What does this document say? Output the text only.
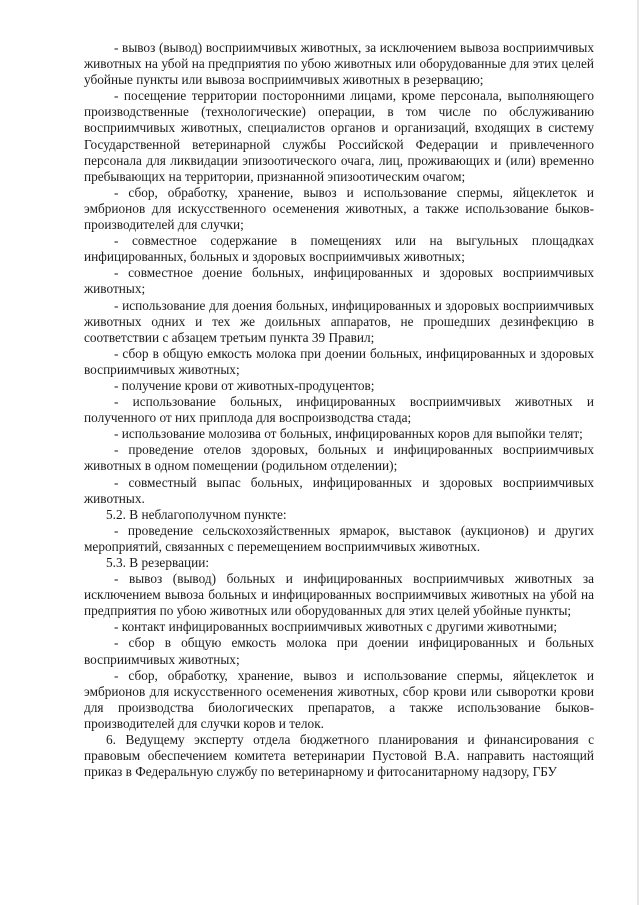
- вывоз (вывод) восприимчивых животных, за исключением вывоза восприимчивых животных на убой на предприятия по убою животных или оборудованные для этих целей убойные пункты или вывоза восприимчивых животных в резервацию;

- посещение территории посторонними лицами, кроме персонала, выполняющего производственные (технологические) операции, в том числе по обслуживанию восприимчивых животных, специалистов органов и организаций, входящих в систему Государственной ветеринарной службы Российской Федерации и привлеченного персонала для ликвидации эпизоотического очага, лиц, проживающих и (или) временно пребывающих на территории, признанной эпизоотическим очагом;

- сбор, обработку, хранение, вывоз и использование спермы, яйцеклеток и эмбрионов для искусственного осеменения животных, а также использование быков-производителей для случки;

- совместное содержание в помещениях или на выгульных площадках инфицированных, больных и здоровых восприимчивых животных;

- совместное доение больных, инфицированных и здоровых восприимчивых животных;

- использование для доения больных, инфицированных и здоровых восприимчивых животных одних и тех же доильных аппаратов, не прошедших дезинфекцию в соответствии с абзацем третьим пункта 39 Правил;

- сбор в общую емкость молока при доении больных, инфицированных и здоровых восприимчивых животных;

- получение крови от животных-продуцентов;

- использование больных, инфицированных восприимчивых животных и полученного от них приплода для воспроизводства стада;

- использование молозива от больных, инфицированных коров для выпойки телят;

- проведение отелов здоровых, больных и инфицированных восприимчивых животных в одном помещении (родильном отделении);

- совместный выпас больных, инфицированных и здоровых восприимчивых животных.

5.2. В неблагополучном пункте:

- проведение сельскохозяйственных ярмарок, выставок (аукционов) и других мероприятий, связанных с перемещением восприимчивых животных.

5.3. В резервации:

- вывоз (вывод) больных и инфицированных восприимчивых животных за исключением вывоза больных и инфицированных восприимчивых животных на убой на предприятия по убою животных или оборудованных для этих целей убойные пункты;

- контакт инфицированных восприимчивых животных с другими животными;

- сбор в общую емкость молока при доении инфицированных и больных восприимчивых животных;

- сбор, обработку, хранение, вывоз и использование спермы, яйцеклеток и эмбрионов для искусственного осеменения животных, сбор крови или сыворотки крови для производства биологических препаратов, а также использование быков-производителей для случки коров и телок.

6. Ведущему эксперту отдела бюджетного планирования и финансирования с правовым обеспечением комитета ветеринарии Пустовой В.А. направить настоящий приказ в Федеральную службу по ветеринарному и фитосанитарному надзору, ГБУ
